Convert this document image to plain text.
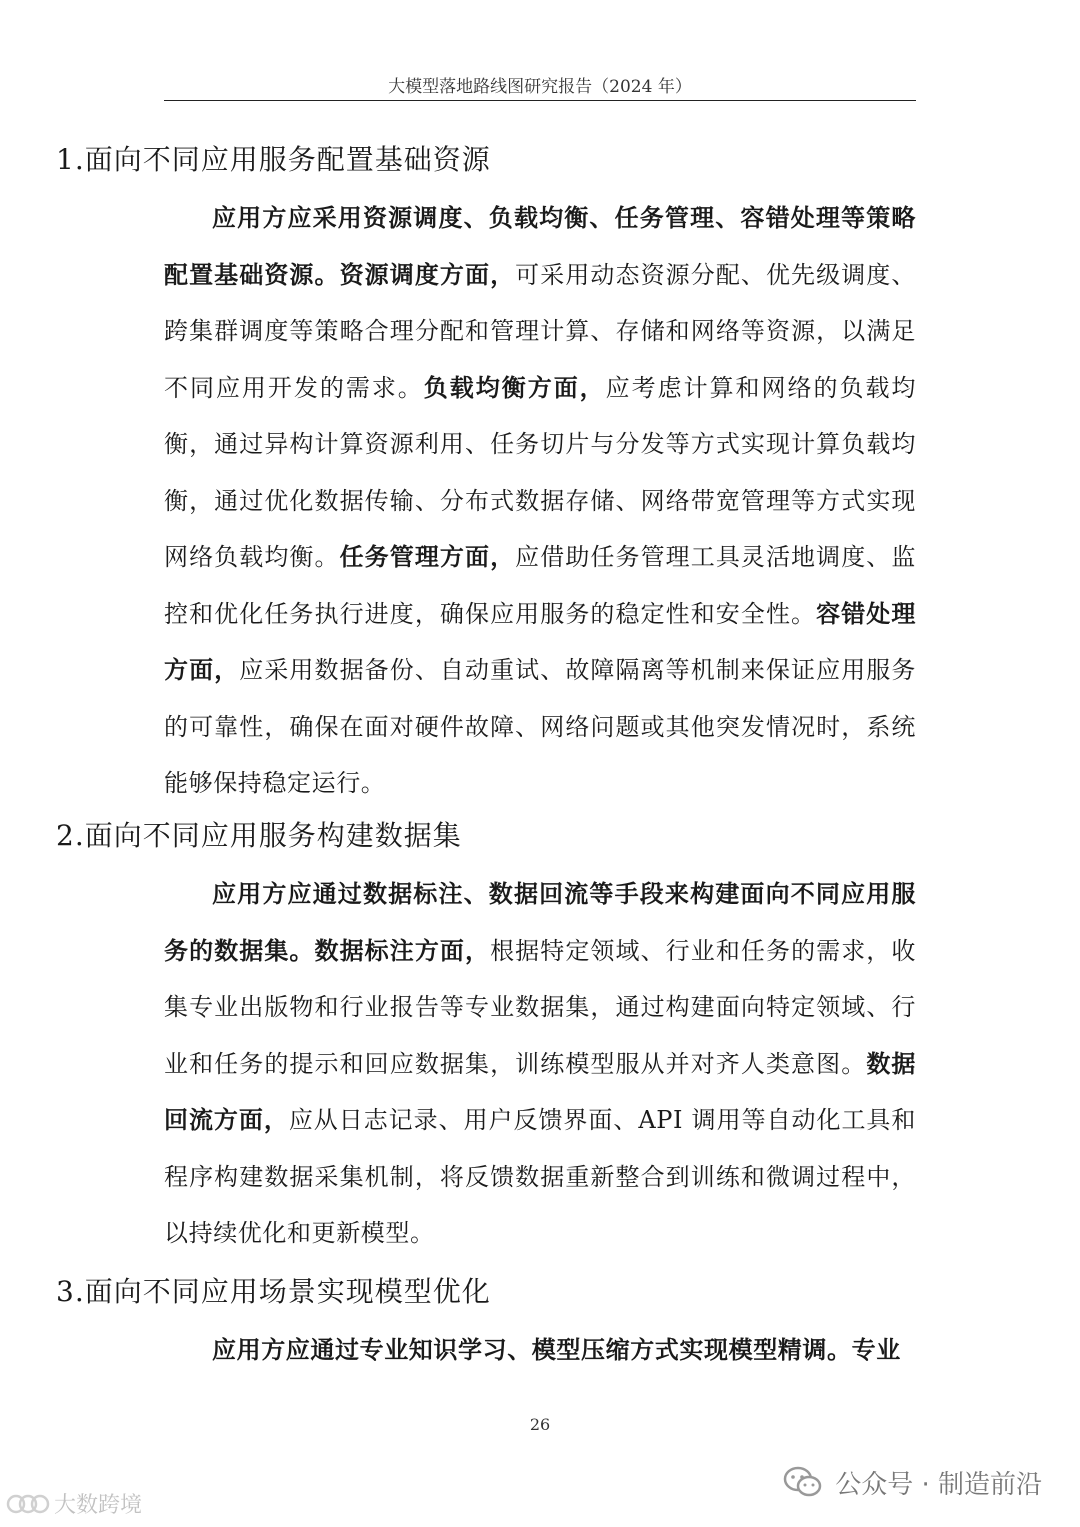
大模型落地路线图研究报告（2024 年）
1.面向不同应用服务配置基础资源
应用方应采用资源调度、负载均衡、任务管理、容错处理等策略配置基础资源。资源调度方面，可采用动态资源分配、优先级调度、跨集群调度等策略合理分配和管理计算、存储和网络等资源，以满足不同应用开发的需求。负载均衡方面，应考虑计算和网络的负载均衡，通过异构计算资源利用、任务切片与分发等方式实现计算负载均衡，通过优化数据传输、分布式数据存储、网络带宽管理等方式实现网络负载均衡。任务管理方面，应借助任务管理工具灵活地调度、监控和优化任务执行进度，确保应用服务的稳定性和安全性。容错处理方面，应采用数据备份、自动重试、故障隔离等机制来保证应用服务的可靠性，确保在面对硬件故障、网络问题或其他突发情况时，系统能够保持稳定运行。
2.面向不同应用服务构建数据集
应用方应通过数据标注、数据回流等手段来构建面向不同应用服务的数据集。数据标注方面，根据特定领域、行业和任务的需求，收集专业出版物和行业报告等专业数据集，通过构建面向特定领域、行业和任务的提示和回应数据集，训练模型服从并对齐人类意图。数据回流方面，应从日志记录、用户反馈界面、API 调用等自动化工具和程序构建数据采集机制，将反馈数据重新整合到训练和微调过程中，以持续优化和更新模型。
3.面向不同应用场景实现模型优化
应用方应通过专业知识学习、模型压缩方式实现模型精调。专业
26
公众号 · 制造前沿
大数跨境
